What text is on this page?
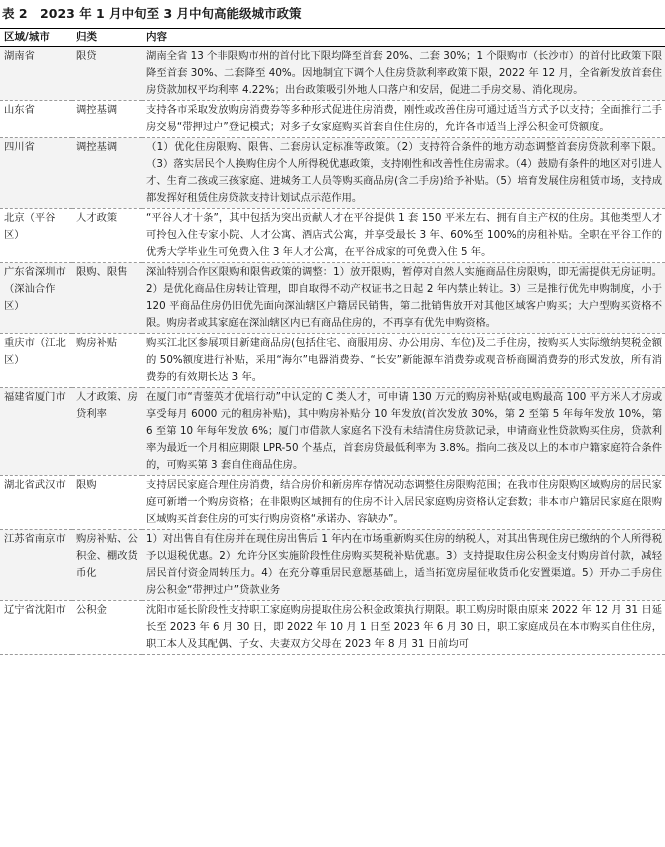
表 2　2023 年 1 月中旬至 3 月中旬高能级城市政策
区域/城市	归类	内容
湖南省	限贷	湖南全省 13 个非限购市州的首付比下限均降至首套 20%、二套 30%；1 个限购市（长沙市）的首付比政策下限降至首套 30%、二套降至 40%。因地制宜下调个人住房贷款利率政策下限，2022 年 12 月，全省新发放首套住房贷款加权平均利率 4.22%；出台政策吸引外地人口落户和安居，促进二手房交易、消化现房。
山东省	调控基调	支持各市采取发放购房消费券等多种形式促进住房消费，刚性或改善住房可通过适当方式予以支持；全面推行二手房交易“带押过户”登记模式；对多子女家庭购买首套自住住房的，允许各市适当上浮公积金可贷额度。
四川省	调控基调	（1）优化住房限购、限售、二套房认定标准等政策。（2）支持符合条件的地方动态调整首套房贷款利率下限。（3）落实居民个人换购住房个人所得税优惠政策，支持刚性和改善性住房需求。（4）鼓励有条件的地区对引进人才、生育二孩或三孩家庭、进城务工人员等购买商品房(含二手房)给予补贴。（5）培育发展住房租赁市场，支持成都发挥好租赁住房贷款支持计划试点示范作用。
北京（平谷区）	人才政策	“平谷人才十条”，其中包括为突出贡献人才在平谷提供 1 套 150 平米左右、拥有自主产权的住房。其他类型人才可拎包入住专家小院、人才公寓、酒店式公寓，并享受最长 3 年、60%至 100%的房租补贴。全职在平谷工作的优秀大学毕业生可免费入住 3 年人才公寓，在平谷成家的可免费入住 5 年。
广东省深圳市（深汕合作区）	限购、限售	深汕特别合作区限购和限售政策的调整：1）放开限购，暂停对自然人实施商品住房限购，即无需提供无房证明。2）是优化商品住房转让管理，即自取得不动产权证书之日起 2 年内禁止转让。3）三是推行优先申购制度，小于 120 平商品住房仍旧优先面向深汕辖区户籍居民销售，第二批销售放开对其他区域客户购买；大户型购买资格不限。购房者或其家庭在深汕辖区内已有商品住房的，不再享有优先申购资格。
重庆市（江北区）	购房补贴	购买江北区参展项目新建商品房(包括住宅、商服用房、办公用房、车位)及二手住房，按购买人实际缴纳契税金额的 50%额度进行补贴，采用“海尔”电器消费券、“长安”新能源车消费券或观音桥商圈消费券的形式发放，所有消费券的有效期长达 3 年。
福建省厦门市	人才政策、房贷利率	在厦门市“青蓥英才优培行动”中认定的 C 类人才，可申请 130 万元的购房补贴(或电购最高 100 平方米人才房或享受每月 6000 元的租房补贴)，其中购房补贴分 10 年发放(首次发放 30%，第 2 至第 5 年每年发放 10%，第 6 至第 10 年每年发放 6%；厦门市借款人家庭名下没有未结清住房贷款记录，申请商业性贷款购买住房，贷款利率为最近一个月相应期限 LPR-50 个基点，首套房贷最低利率为 3.8%。指向二孩及以上的本市户籍家庭符合条件的，可购买第 3 套自住商品住房。
湖北省武汉市	限购	支持居民家庭合理住房消费，结合房价和新房库存情况动态调整住房限购范围；在我市住房限购区域购房的居民家庭可新增一个购房资格；在非限购区域拥有的住房不计入居民家庭购房资格认定套数；非本市户籍居民家庭在限购区域购买首套住房的可实行购房资格“承诺办、容缺办”。
江苏省南京市	购房补贴、公积金、棚改货币化	1）对出售自有住房并在现住房出售后 1 年内在市场重新购买住房的纳税人，对其出售现住房已缴纳的个人所得税予以退税优惠。2）允许分区实施阶段性住房购买契税补贴优惠。3）支持提取住房公积金支付购房首付款，减轻居民首付资金周转压力。4）在充分尊重居民意愿基础上，适当拓宽房屋征收货币化安置渠道。5）开办二手房住房公积金“带押过户”贷款业务
辽宁省沈阳市	公积金	沈阳市延长阶段性支持职工家庭购房提取住房公积金政策执行期限。职工购房时限由原来 2022 年 12 月 31 日延长至 2023 年 6 月 30 日，即 2022 年 10 月 1 日至 2023 年 6 月 30 日，职工家庭成员在本市购买自住住房，职工本人及其配偶、子女、夫妻双方父母在 2023 年 8 月 31 日前均可
